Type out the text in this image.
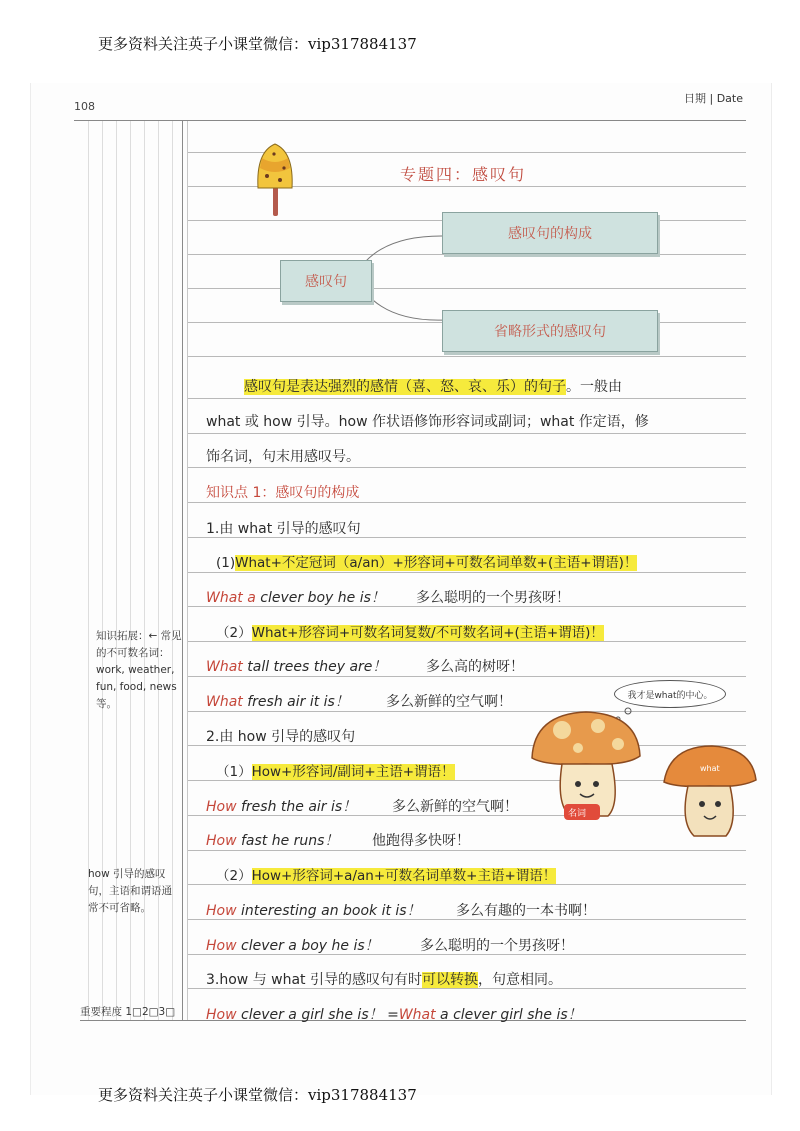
更多资料关注英子小课堂微信：vip317884137
108
日期 | Date
专题四：感叹句
感叹句
感叹句的构成
省略形式的感叹句
感叹句是表达强烈的感情（喜、怒、哀、乐）的句子。一般由
what 或 how 引导。how 作状语修饰形容词或副词；what 作定语，修
饰名词，句末用感叹号。
知识点 1：感叹句的构成
1.由 what 引导的感叹句
(1)What+不定冠词（a/an）+形容词+可数名词单数+(主语+谓语)！
What a clever boy he is！ 多么聪明的一个男孩呀！
（2）What+形容词+可数名词复数/不可数名词+(主语+谓语)！
What tall trees they are！	多么高的树呀！
What fresh air it is！	多么新鲜的空气啊！
2.由 how 引导的感叹句
（1）How+形容词/副词+主语+谓语！
How fresh the air is！	多么新鲜的空气啊！
How fast he runs！ 他跑得多快呀！
（2）How+形容词+a/an+可数名词单数+主语+谓语！
How interesting an book it is！	多么有趣的一本书啊！
How clever a boy he is！	多么聪明的一个男孩呀！
3.how 与 what 引导的感叹句有时可以转换，句意相同。
How clever a girl she is！ =What a clever girl she is！
知识拓展：← 常见的不可数名词：work, weather, fun, food, news 等。
how 引导的感叹句，主语和谓语通常不可省略。
重要程度 1□2□3□
我才是what的中心。
名词
what
更多资料关注英子小课堂微信：vip317884137
